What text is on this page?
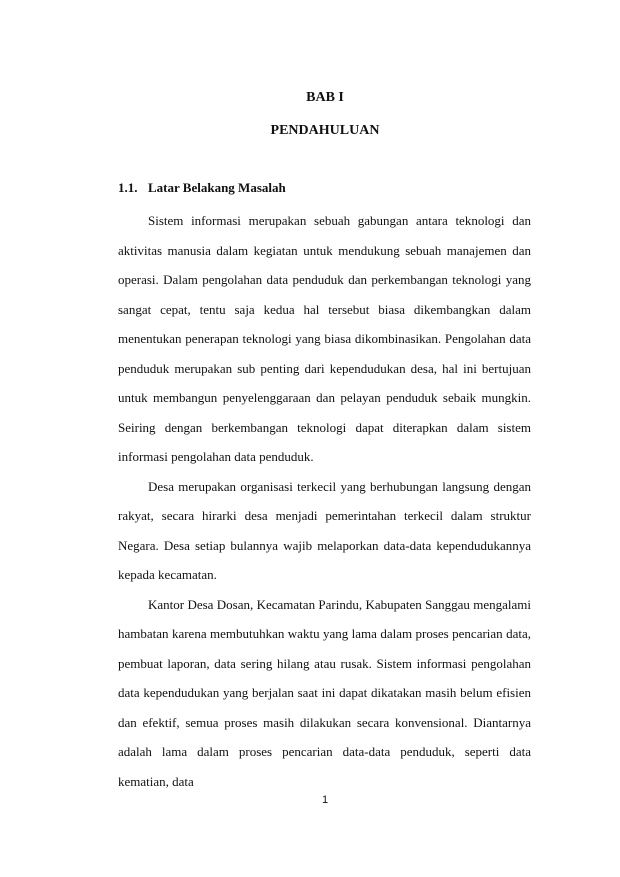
BAB I
PENDAHULUAN
1.1. Latar Belakang Masalah

Sistem informasi merupakan sebuah gabungan antara teknologi dan aktivitas manusia dalam kegiatan untuk mendukung sebuah manajemen dan operasi. Dalam pengolahan data penduduk dan perkembangan teknologi yang sangat cepat, tentu saja kedua hal tersebut biasa dikembangkan dalam menentukan penerapan teknologi yang biasa dikombinasikan. Pengolahan data penduduk merupakan sub penting dari kependudukan desa, hal ini bertujuan untuk membangun penyelenggaraan dan pelayan penduduk sebaik mungkin. Seiring dengan berkembangan teknologi dapat diterapkan dalam sistem informasi pengolahan data penduduk.

Desa merupakan organisasi terkecil yang berhubungan langsung dengan rakyat, secara hirarki desa menjadi pemerintahan terkecil dalam struktur Negara. Desa setiap bulannya wajib melaporkan data-data kependudukannya kepada kecamatan.

Kantor Desa Dosan, Kecamatan Parindu, Kabupaten Sanggau mengalami hambatan karena membutuhkan waktu yang lama dalam proses pencarian data, pembuat laporan, data sering hilang atau rusak. Sistem informasi pengolahan data kependudukan yang berjalan saat ini dapat dikatakan masih belum efisien dan efektif, semua proses masih dilakukan secara konvensional. Diantarnya adalah lama dalam proses pencarian data-data penduduk, seperti data kematian, data

1
